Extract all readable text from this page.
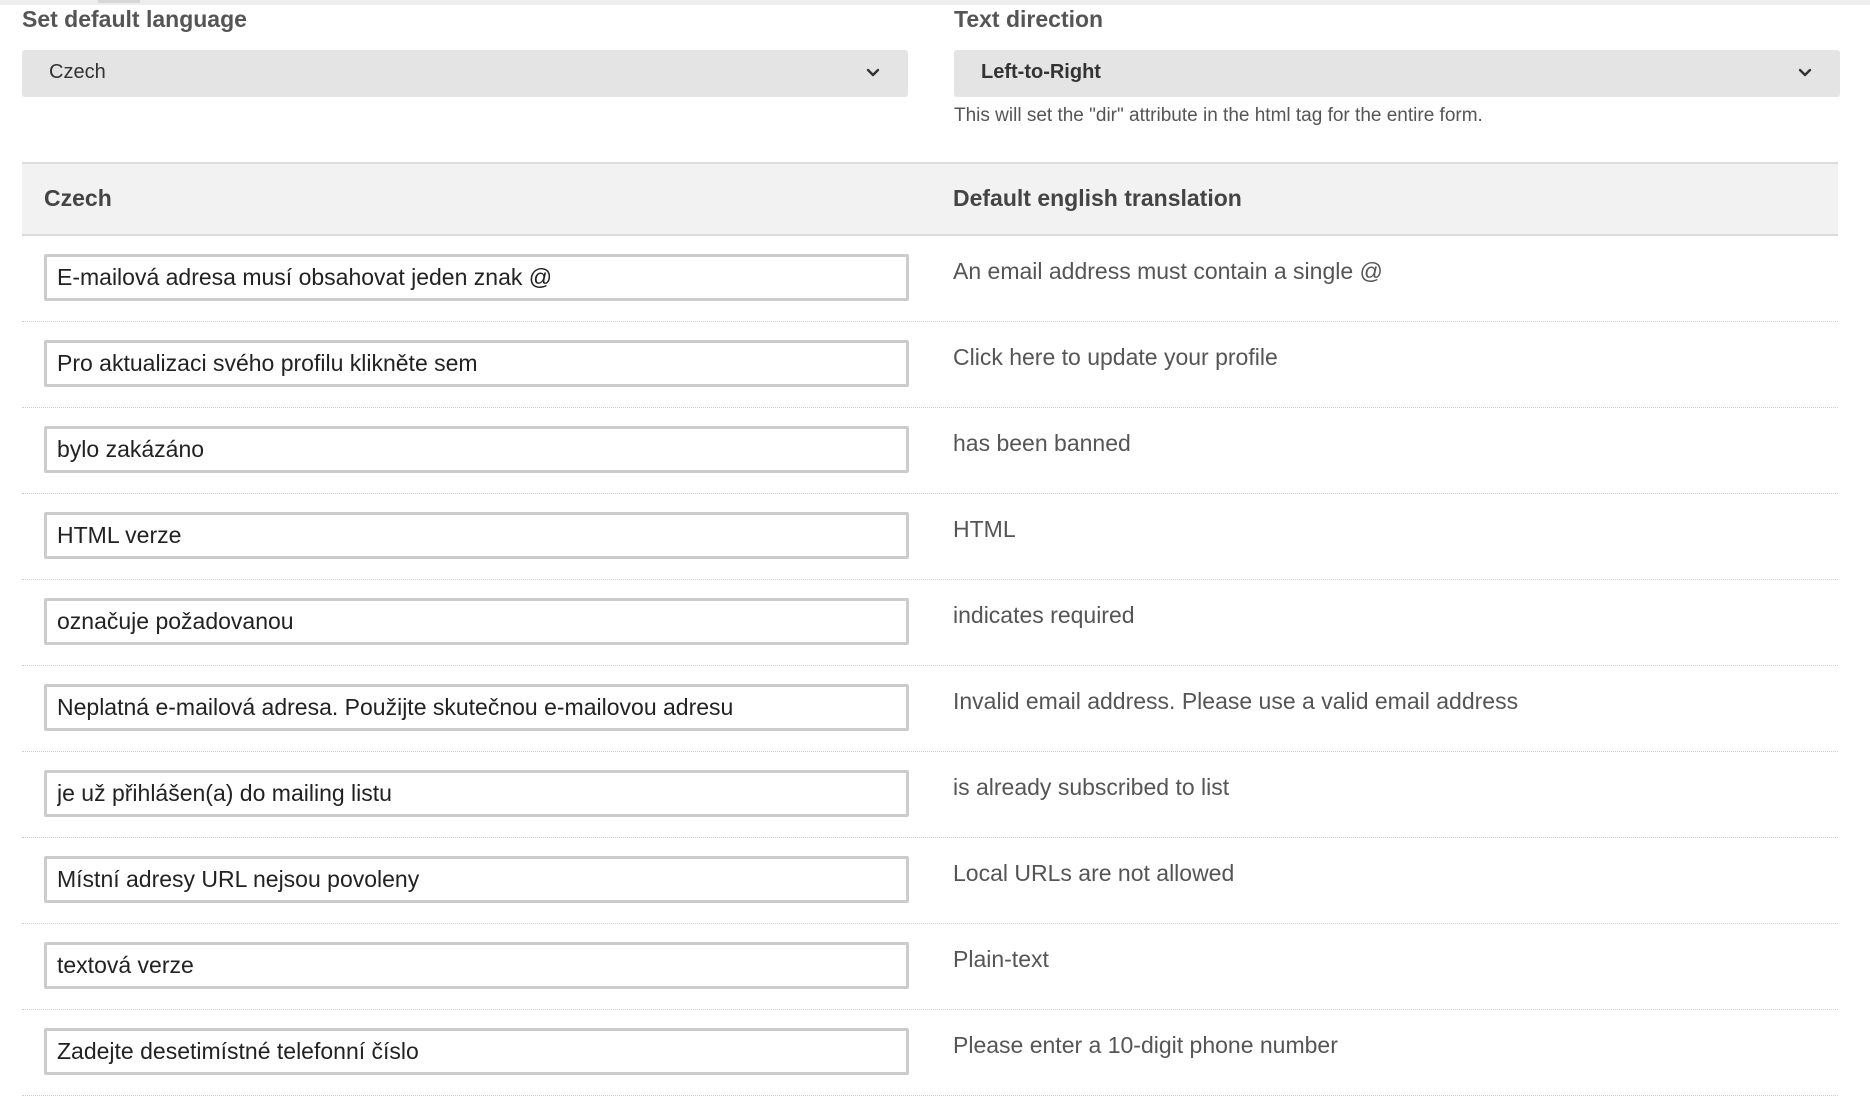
Set default language
Czech
Text direction
Left-to-Right
This will set the "dir" attribute in the html tag for the entire form.
Czech	Default english translation
E-mailová adresa musí obsahovat jeden znak @
An email address must contain a single @
Pro aktualizaci svého profilu klikněte sem
Click here to update your profile
bylo zakázáno
has been banned
HTML verze
HTML
označuje požadovanou
indicates required
Neplatná e-mailová adresa. Použijte skutečnou e-mailovou adresu
Invalid email address. Please use a valid email address
je už přihlášen(a) do mailing listu
is already subscribed to list
Místní adresy URL nejsou povoleny
Local URLs are not allowed
textová verze
Plain-text
Zadejte desetimístné telefonní číslo
Please enter a 10-digit phone number
